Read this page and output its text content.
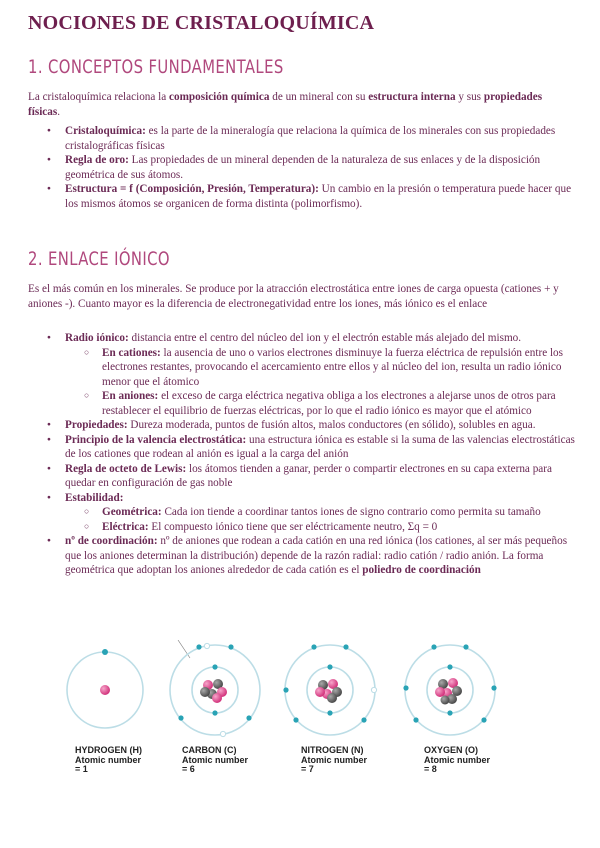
NOCIONES DE CRISTALOQUÍMICA
1. CONCEPTOS FUNDAMENTALES
La cristaloquímica relaciona la composición química de un mineral con su estructura interna y sus propiedades físicas.
● Cristaloquímica: es la parte de la mineralogía que relaciona la química de los minerales con sus propiedades cristalográficas físicas
● Regla de oro: Las propiedades de un mineral dependen de la naturaleza de sus enlaces y de la disposición geométrica de sus átomos.
● Estructura = f (Composición, Presión, Temperatura): Un cambio en la presión o temperatura puede hacer que los mismos átomos se organicen de forma distinta (polimorfismo).
2. ENLACE IÓNICO
Es el más común en los minerales. Se produce por la atracción electrostática entre iones de carga opuesta (cationes + y aniones -). Cuanto mayor es la diferencia de electronegatividad entre los iones, más iónico es el enlace
● Radio iónico: distancia entre el centro del núcleo del ion y el electrón estable más alejado del mismo.
○ En cationes: la ausencia de uno o varios electrones disminuye la fuerza eléctrica de repulsión entre los electrones restantes, provocando el acercamiento entre ellos y al núcleo del ion, resulta un radio iónico menor que el átomico
○ En aniones: el exceso de carga eléctrica negativa obliga a los electrones a alejarse unos de otros para restablecer el equilibrio de fuerzas eléctricas, por lo que el radio iónico es mayor que el atómico
● Propiedades: Dureza moderada, puntos de fusión altos, malos conductores (en sólido), solubles en agua.
● Principio de la valencia electrostática: una estructura iónica es estable si la suma de las valencias electrostáticas de los cationes que rodean al anión es igual a la carga del anión
● Regla de octeto de Lewis: los átomos tienden a ganar, perder o compartir electrones en su capa externa para quedar en configuración de gas noble
● Estabilidad:
○ Geométrica: Cada ion tiende a coordinar tantos iones de signo contrario como permita su tamaño
○ Eléctrica: El compuesto iónico tiene que ser eléctricamente neutro, Σq = 0
● nº de coordinación: nº de aniones que rodean a cada catión en una red iónica (los cationes, al ser más pequeños que los aniones determinan la distribución) depende de la razón radial: radio catión / radio anión. La forma geométrica que adoptan los aniones alrededor de cada catión es el poliedro de coordinación
HYDROGEN (H)
Atomic number
= 1
CARBON (C)
Atomic number
= 6
NITROGEN (N)
Atomic number
= 7
OXYGEN (O)
Atomic number
= 8
